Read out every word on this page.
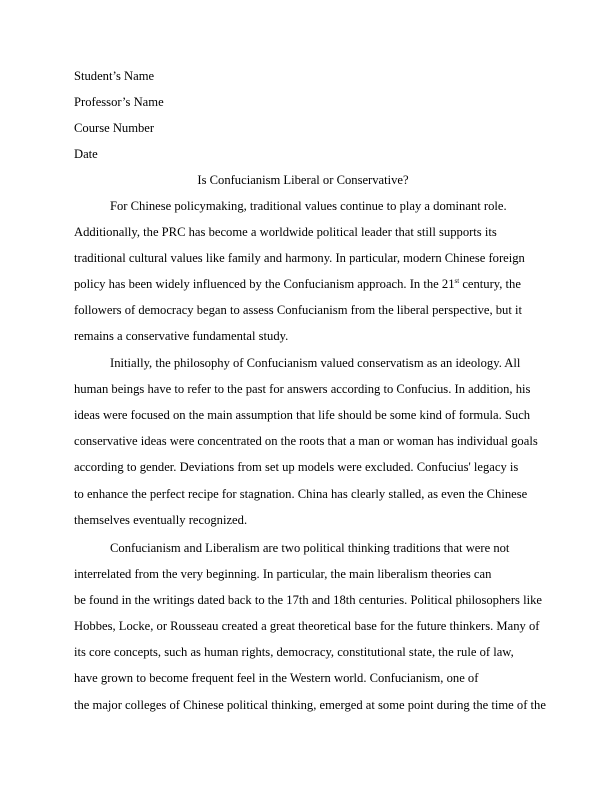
Student’s Name
Professor’s Name
Course Number
Date
Is Confucianism Liberal or Conservative?
For Chinese policymaking, traditional values continue to play a dominant role.
Additionally, the PRC has become a worldwide political leader that still supports its
traditional cultural values like family and harmony. In particular, modern Chinese foreign
policy has been widely influenced by the Confucianism approach. In the 21st century, the
followers of democracy began to assess Confucianism from the liberal perspective, but it
remains a conservative fundamental study.
Initially, the philosophy of Confucianism valued conservatism as an ideology. All
human beings have to refer to the past for answers according to Confucius. In addition, his
ideas were focused on the main assumption that life should be some kind of formula. Such
conservative ideas were concentrated on the roots that a man or woman has individual goals
according to gender. Deviations from set up models were excluded. Confucius' legacy is
to enhance the perfect recipe for stagnation. China has clearly stalled, as even the Chinese
themselves eventually recognized.
Confucianism and Liberalism are two political thinking traditions that were not
interrelated from the very beginning. In particular, the main liberalism theories can
be found in the writings dated back to the 17th and 18th centuries. Political philosophers like
Hobbes, Locke, or Rousseau created a great theoretical base for the future thinkers. Many of
its core concepts, such as human rights, democracy, constitutional state, the rule of law,
have grown to become frequent feel in the Western world. Confucianism, one of
the major colleges of Chinese political thinking, emerged at some point during the time of the
